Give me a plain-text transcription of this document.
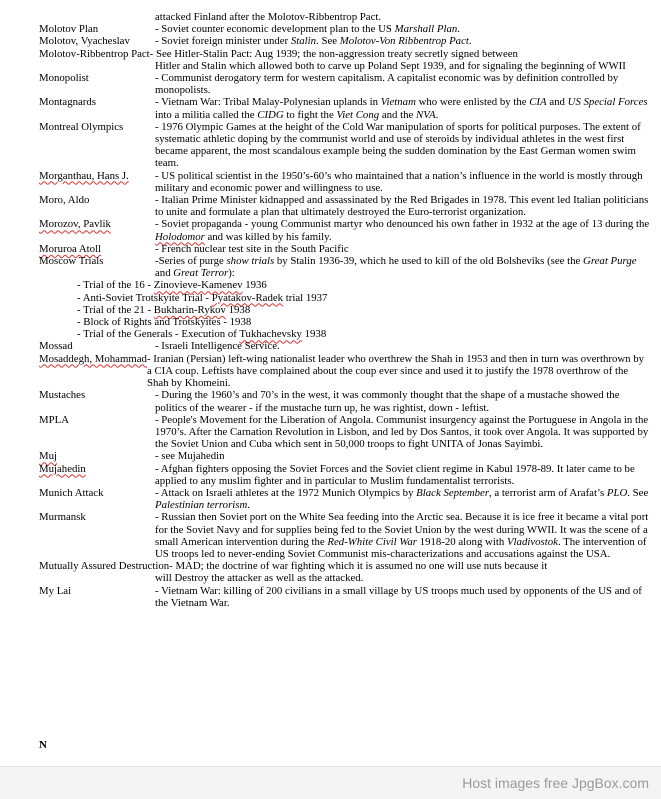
attacked Finland after the Molotov-Ribbentrop Pact.
Molotov Plan	- Soviet counter economic development plan to the US Marshall Plan.
Molotov, Vyacheslav	- Soviet foreign minister under Stalin. See Molotov-Von Ribbentrop Pact.
Molotov-Ribbentrop Pact - See Hitler-Stalin Pact: Aug 1939; the non-aggression treaty secretly signed between
Hitler and Stalin which allowed both to carve up Poland Sept 1939, and for signaling the beginning of WWII
Monopolist	- Communist derogatory term for western capitalism. A capitalist economic was by definition controlled by monopolists.
Montagnards	- Vietnam War: Tribal Malay-Polynesian uplands in Vietnam who were enlisted by the CIA and US Special Forces into a militia called the CIDG to fight the Viet Cong and the NVA.
Montreal Olympics	- 1976 Olympic Games at the height of the Cold War manipulation of sports for political purposes. The extent of systematic athletic doping by the communist world and use of steroids by individual athletes in the west first became apparent, the most scandalous example being the sudden domination by the East German women swim team.
Morganthau, Hans J.	- US political scientist in the 1950’s-60’s who maintained that a nation’s influence in the world is mostly through military and economic power and willingness to use.
Moro, Aldo	- Italian Prime Minister kidnapped and assassinated by the Red Brigades in 1978. This event led Italian politicians to unite and formulate a plan that ultimately destroyed the Euro-terrorist organization.
Morozov, Pavlik	- Soviet propaganda - young Communist martyr who denounced his own father in 1932 at the age of 13 during the Holodomor and was killed by his family.
Moruroa Atoll	- French nuclear test site in the South Pacific
Moscow Trials	-Series of purge show trials by Stalin 1936-39, which he used to kill of the old Bolsheviks (see the Great Purge and Great Terror):
- Trial of the 16 - Zinovieve-Kamenev 1936
- Anti-Soviet Trotskyite Trial - Pyatakov-Radek trial 1937
- Trial of the 21 - Bukharin-Rykov 1938
- Block of Rights and Trotskyites - 1938
- Trial of the Generals - Execution of Tukhachevsky 1938
Mossad	- Israeli Intelligence Service.
Mosaddegh, Mohammad - Iranian (Persian) left-wing nationalist leader who overthrew the Shah in 1953 and then in turn was overthrown by a CIA coup. Leftists have complained about the coup ever since and used it to justify the 1978 overthrow of the Shah by Khomeini.
Mustaches	- During the 1960’s and 70’s in the west, it was commonly thought that the shape of a mustache showed the politics of the wearer - if the mustache turn up, he was rightist, down - leftist.
MPLA	- People's Movement for the Liberation of Angola. Communist insurgency against the Portuguese in Angola in the 1970’s. After the Carnation Revolution in Lisbon, and led by Dos Santos, it took over Angola. It was supported by the Soviet Union and Cuba which sent in 50,000 troops to fight UNITA of Jonas Sayimbi.
Muj	- see Mujahedin
Mujahedin	- Afghan fighters opposing the Soviet Forces and the Soviet client regime in Kabul 1978-89. It later came to be applied to any muslim fighter and in particular to Muslim fundamentalist terrorists.
Munich Attack	- Attack on Israeli athletes at the 1972 Munich Olympics by Black September, a terrorist arm of Arafat’s PLO. See Palestinian terrorism.
Murmansk	- Russian then Soviet port on the White Sea feeding into the Arctic sea. Because it is ice free it became a vital port for the Soviet Navy and for supplies being fed to the Soviet Union by the west during WWII. It was the scene of a small American intervention during the Red-White Civil War 1918-20 along with Vladivostok. The intervention of US troops led to never-ending Soviet Communist mis-characterizations and accusations against the USA.
Mutually Assured Destruction - MAD; the doctrine of war fighting which it is assumed no one will use nuts because it
will Destroy the attacker as well as the attacked.
My Lai	- Vietnam War: killing of 200 civilians in a small village by US troops much used by opponents of the US and of the Vietnam War.
N
Host images free JpgBox.com
